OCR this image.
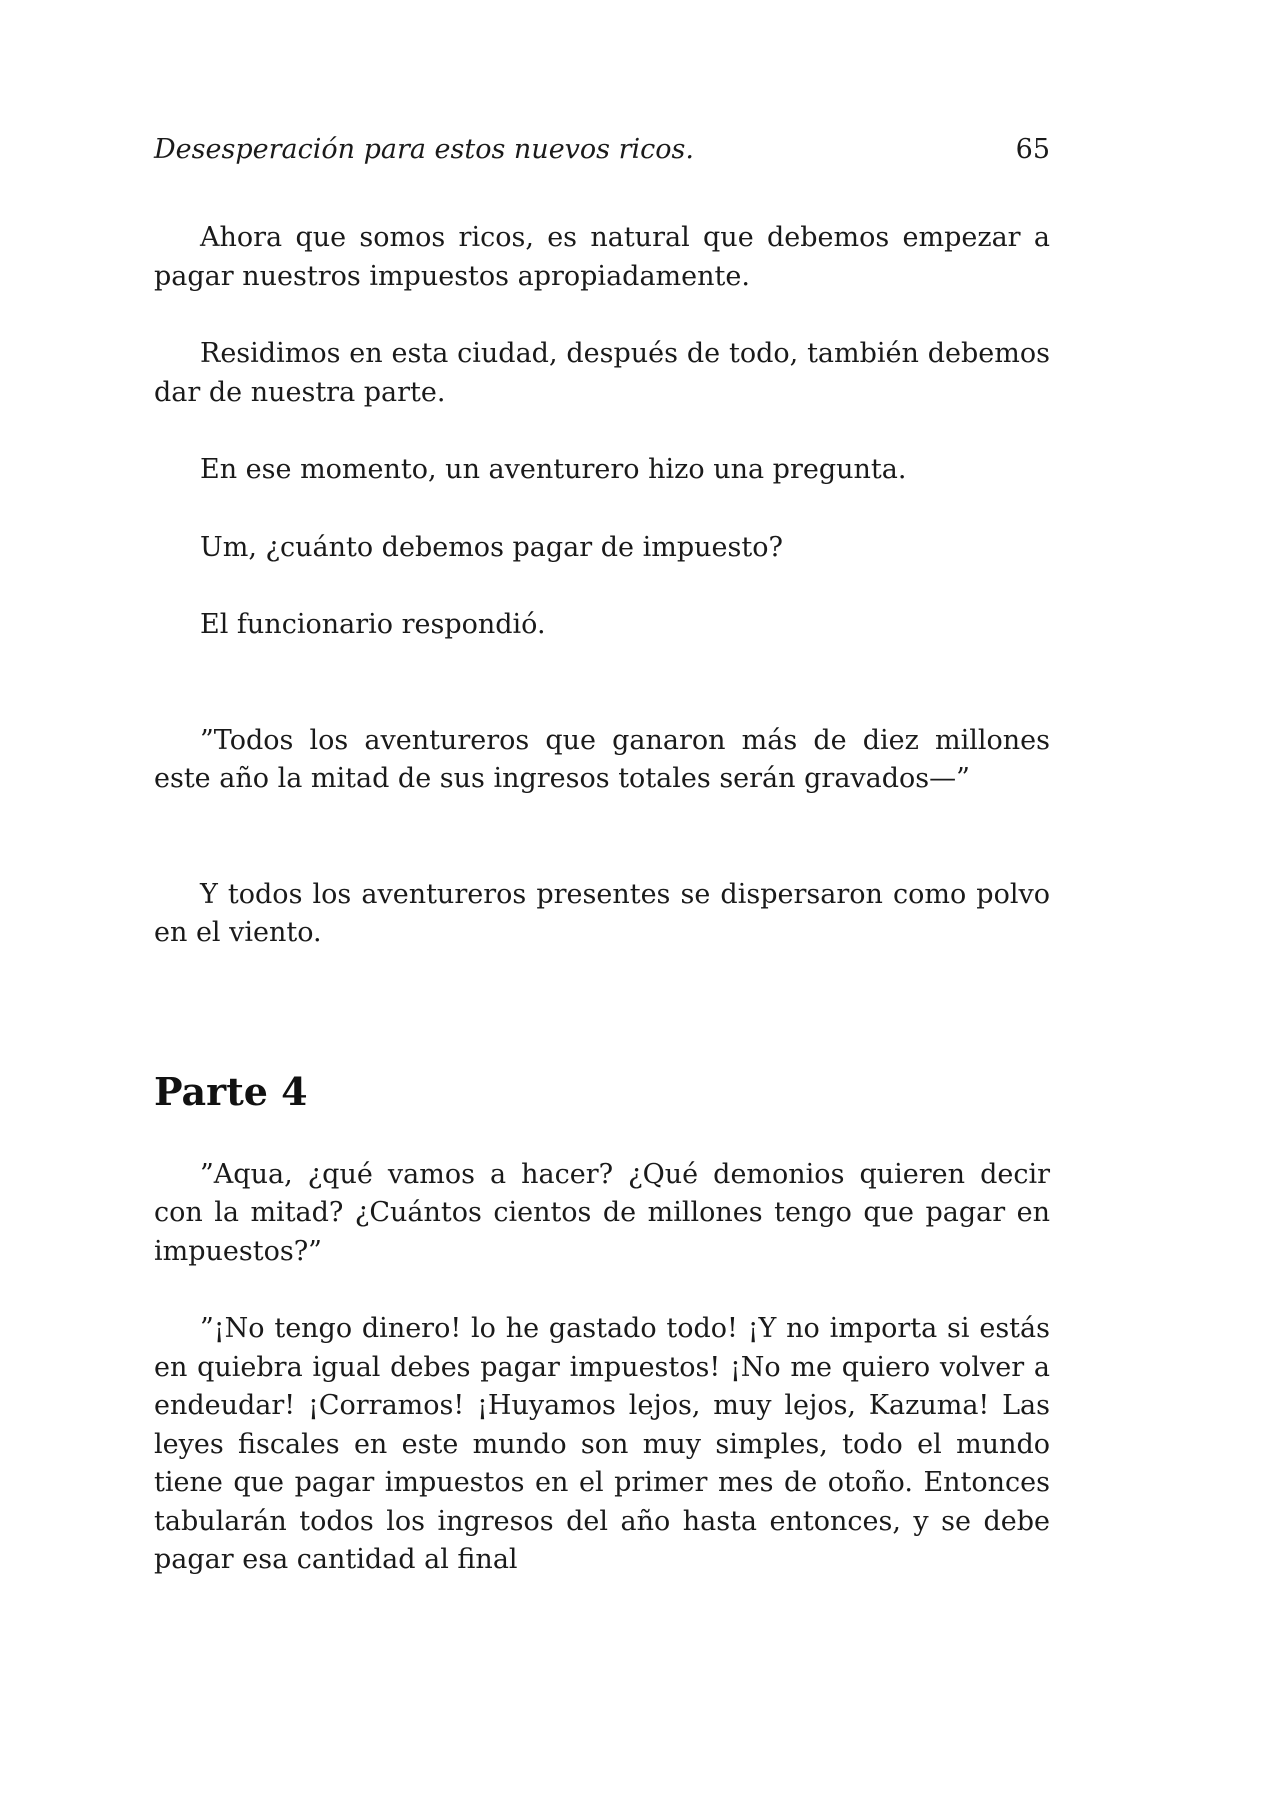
Desesperación para estos nuevos ricos.	65

Ahora que somos ricos, es natural que debemos empezar a pagar nuestros impuestos apropiadamente.

Residimos en esta ciudad, después de todo, también debemos dar de nuestra parte.

En ese momento, un aventurero hizo una pregunta.

Um, ¿cuánto debemos pagar de impuesto?

El funcionario respondió.

”Todos los aventureros que ganaron más de diez millones este año la mitad de sus ingresos totales serán gravados—”

Y todos los aventureros presentes se dispersaron como polvo en el viento.

Parte 4

”Aqua, ¿qué vamos a hacer? ¿Qué demonios quieren decir con la mitad? ¿Cuántos cientos de millones tengo que pagar en impuestos?”

”¡No tengo dinero! lo he gastado todo! ¡Y no importa si estás en quiebra igual debes pagar impuestos! ¡No me quiero volver a endeudar! ¡Corramos! ¡Huyamos lejos, muy lejos, Kazuma! Las leyes fiscales en este mundo son muy simples, todo el mundo tiene que pagar impuestos en el primer mes de otoño. Entonces tabularán todos los ingresos del año hasta entonces, y se debe pagar esa cantidad al final
